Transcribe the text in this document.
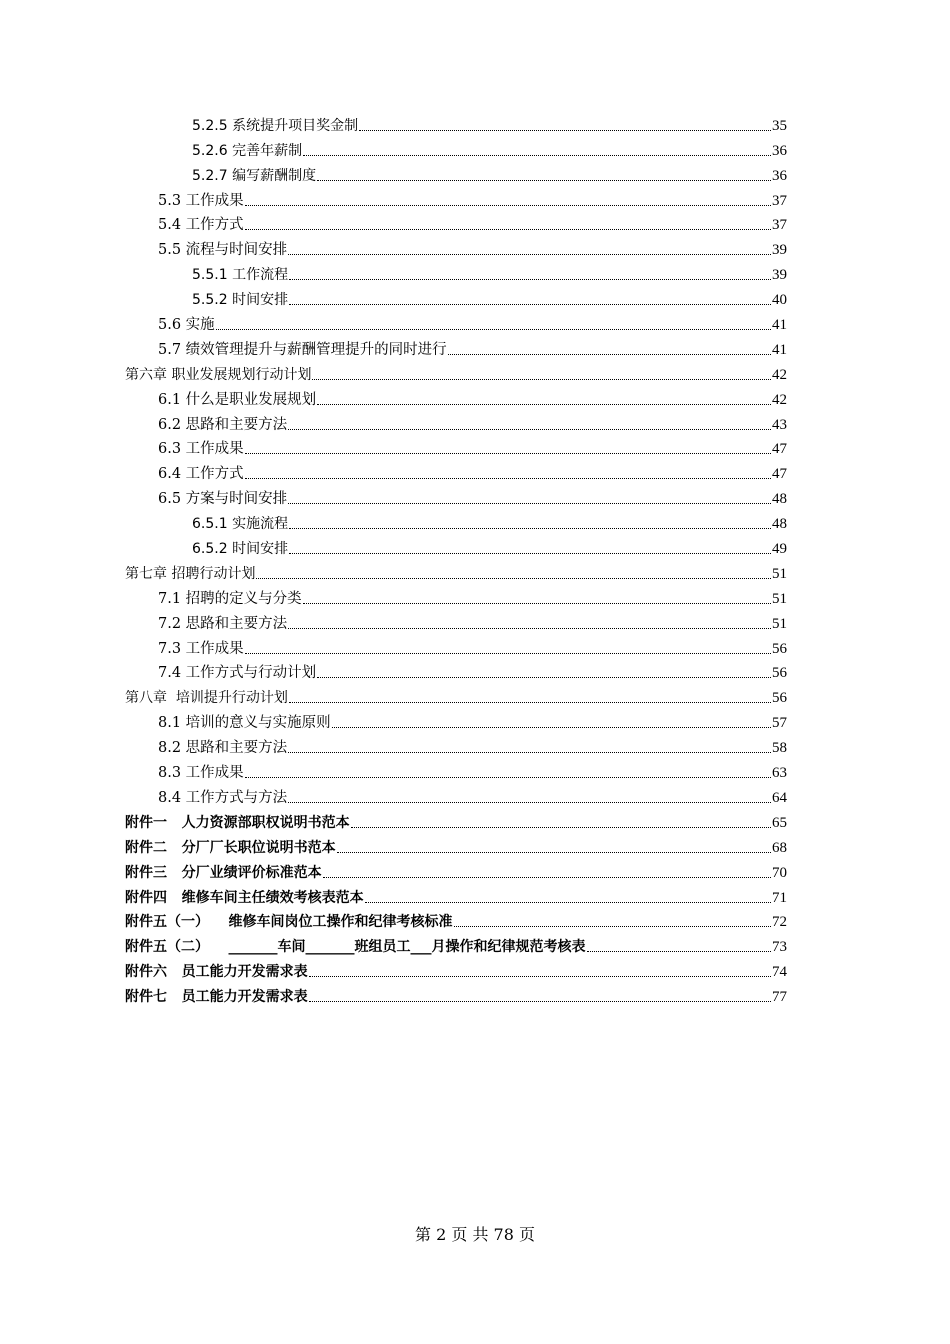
5.2.5 系统提升项目奖金制	35
5.2.6 完善年薪制	36
5.2.7 编写薪酬制度	36
5.3 工作成果	37
5.4 工作方式	37
5.5 流程与时间安排	39
5.5.1 工作流程	39
5.5.2 时间安排	40
5.6 实施	41
5.7 绩效管理提升与薪酬管理提升的同时进行	41
第六章 职业发展规划行动计划	42
6.1 什么是职业发展规划	42
6.2 思路和主要方法	43
6.3 工作成果	47
6.4 工作方式	47
6.5 方案与时间安排	48
6.5.1 实施流程	48
6.5.2 时间安排	49
第七章 招聘行动计划	51
7.1 招聘的定义与分类	51
7.2 思路和主要方法	51
7.3 工作成果	56
7.4 工作方式与行动计划	56
第八章  培训提升行动计划	56
8.1 培训的意义与实施原则	57
8.2 思路和主要方法	58
8.3 工作成果	63
8.4 工作方式与方法	64
附件一   人力资源部职权说明书范本	65
附件二   分厂厂长职位说明书范本	68
附件三   分厂业绩评价标准范本	70
附件四   维修车间主任绩效考核表范本	71
附件五（一）    维修车间岗位工操作和纪律考核标准	72
附件五（二）    _______车间_______班组员工___月操作和纪律规范考核表	73
附件六   员工能力开发需求表	74
附件七   员工能力开发需求表	77
第 2 页 共 78 页
